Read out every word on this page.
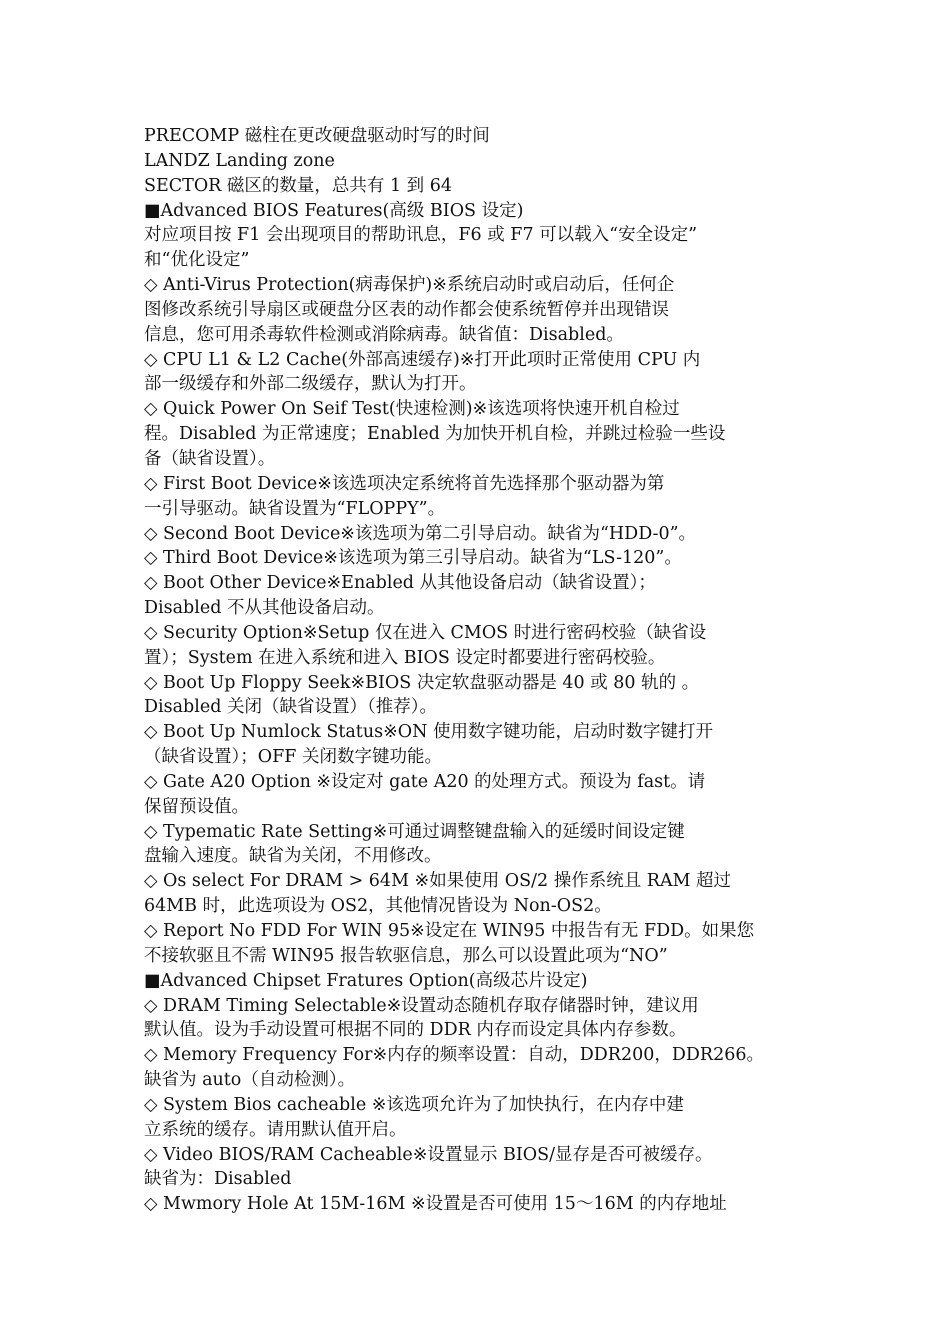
PRECOMP 磁柱在更改硬盘驱动时写的时间
LANDZ Landing zone
SECTOR 磁区的数量，总共有 1 到 64
■Advanced BIOS Features(高级 BIOS 设定)
对应项目按 F1 会出现项目的帮助讯息，F6 或 F7 可以载入“安全设定”
和“优化设定”
◇ Anti-Virus Protection(病毒保护)※系统启动时或启动后，任何企
图修改系统引导扇区或硬盘分区表的动作都会使系统暂停并出现错误
信息，您可用杀毒软件检测或消除病毒。缺省值：Disabled。
◇ CPU L1 & L2 Cache(外部高速缓存)※打开此项时正常使用 CPU 内
部一级缓存和外部二级缓存，默认为打开。
◇ Quick Power On Seif Test(快速检测)※该选项将快速开机自检过
程。Disabled 为正常速度；Enabled 为加快开机自检，并跳过检验一些设
备（缺省设置）。
◇ First Boot Device※该选项决定系统将首先选择那个驱动器为第
一引导驱动。缺省设置为“FLOPPY”。
◇ Second Boot Device※该选项为第二引导启动。缺省为“HDD-0”。
◇ Third Boot Device※该选项为第三引导启动。缺省为“LS-120”。
◇ Boot Other Device※Enabled 从其他设备启动（缺省设置）；
Disabled 不从其他设备启动。
◇ Security Option※Setup 仅在进入 CMOS 时进行密码校验（缺省设
置）；System 在进入系统和进入 BIOS 设定时都要进行密码校验。
◇ Boot Up Floppy Seek※BIOS 决定软盘驱动器是 40 或 80 轨的 。
Disabled 关闭（缺省设置）（推荐）。
◇ Boot Up Numlock Status※ON 使用数字键功能，启动时数字键打开
（缺省设置）；OFF 关闭数字键功能。
◇ Gate A20 Option ※设定对 gate A20 的处理方式。预设为 fast。请
保留预设值。
◇ Typematic Rate Setting※可通过调整键盘输入的延缓时间设定键
盘输入速度。缺省为关闭，不用修改。
◇ Os select For DRAM > 64M ※如果使用 OS/2 操作系统且 RAM 超过
64MB 时，此选项设为 OS2，其他情况皆设为 Non-OS2。
◇ Report No FDD For WIN 95※设定在 WIN95 中报告有无 FDD。如果您
不接软驱且不需 WIN95 报告软驱信息，那么可以设置此项为“NO”
■Advanced Chipset Fratures Option(高级芯片设定)
◇ DRAM Timing Selectable※设置动态随机存取存储器时钟，建议用
默认值。设为手动设置可根据不同的 DDR 内存而设定具体内存参数。
◇ Memory Frequency For※内存的频率设置：自动，DDR200，DDR266。
缺省为 auto（自动检测）。
◇ System Bios cacheable ※该选项允许为了加快执行，在内存中建
立系统的缓存。请用默认值开启。
◇ Video BIOS/RAM Cacheable※设置显示 BIOS/显存是否可被缓存。
缺省为：Disabled
◇ Mwmory Hole At 15M-16M ※设置是否可使用 15～16M 的内存地址
